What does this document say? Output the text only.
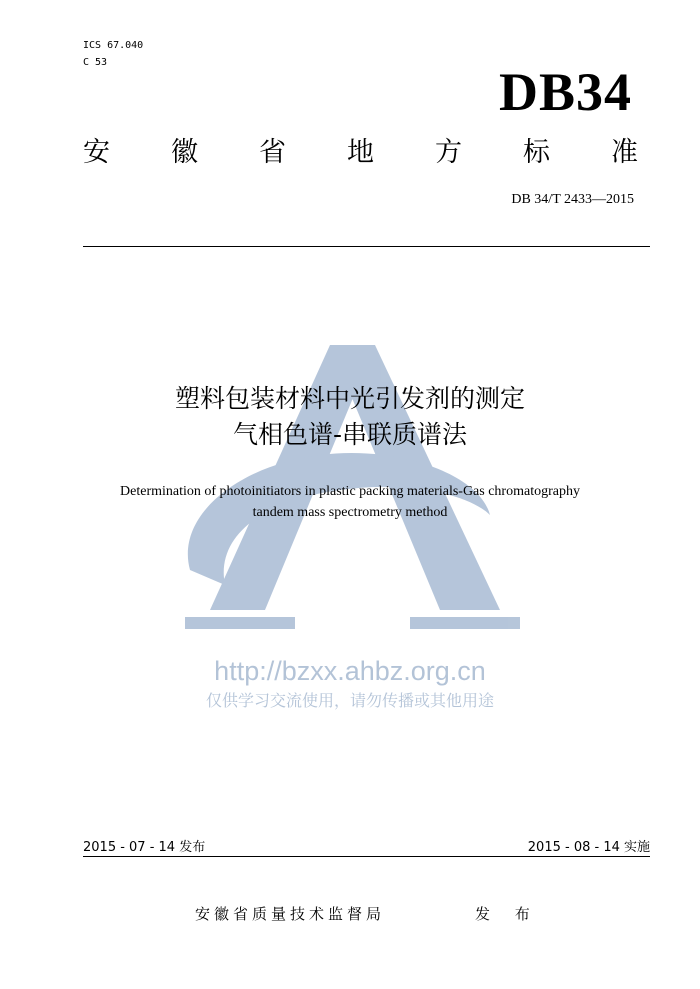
ICS 67.040
C 53	DB34
安 徽 省 地 方 标 准
DB 34/T 2433—2015
塑料包装材料中光引发剂的测定
气相色谱-串联质谱法
Determination of photoinitiators in plastic packing materials-Gas chromatography
tandem mass spectrometry method
http://bzxx.ahbz.org.cn
仅供学习交流使用，请勿传播或其他用途
2015 - 07 - 14 发布	2015 - 08 - 14 实施
安徽省质量技术监督局	发 布
